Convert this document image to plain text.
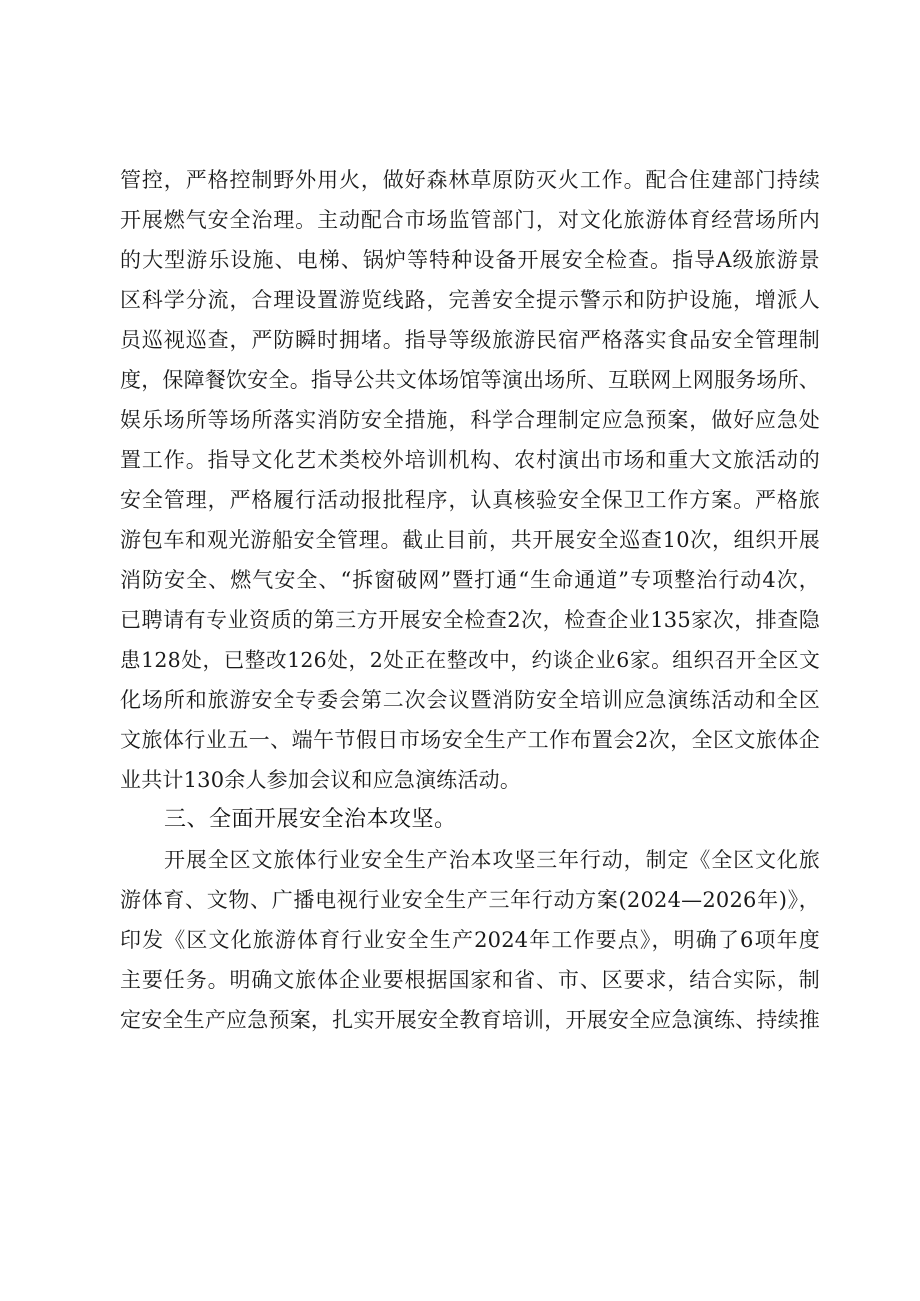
管控，严格控制野外用火，做好森林草原防灭火工作。配合住建部门持续
开展燃气安全治理。主动配合市场监管部门，对文化旅游体育经营场所内
的大型游乐设施、电梯、锅炉等特种设备开展安全检查。指导A级旅游景
区科学分流，合理设置游览线路，完善安全提示警示和防护设施，增派人
员巡视巡查，严防瞬时拥堵。指导等级旅游民宿严格落实食品安全管理制
度，保障餐饮安全。指导公共文体场馆等演出场所、互联网上网服务场所、
娱乐场所等场所落实消防安全措施，科学合理制定应急预案，做好应急处
置工作。指导文化艺术类校外培训机构、农村演出市场和重大文旅活动的
安全管理，严格履行活动报批程序，认真核验安全保卫工作方案。严格旅
游包车和观光游船安全管理。截止目前，共开展安全巡查10次，组织开展
消防安全、燃气安全、“拆窗破网”暨打通“生命通道”专项整治行动4次，
已聘请有专业资质的第三方开展安全检查2次，检查企业135家次，排查隐
患128处，已整改126处，2处正在整改中，约谈企业6家。组织召开全区文
化场所和旅游安全专委会第二次会议暨消防安全培训应急演练活动和全区
文旅体行业五一、端午节假日市场安全生产工作布置会2次，全区文旅体企
业共计130余人参加会议和应急演练活动。
三、全面开展安全治本攻坚。
开展全区文旅体行业安全生产治本攻坚三年行动，制定《全区文化旅
游体育、文物、广播电视行业安全生产三年行动方案(2024—2026年)》，
印发《区文化旅游体育行业安全生产2024年工作要点》，明确了6项年度
主要任务。明确文旅体企业要根据国家和省、市、区要求，结合实际，制
定安全生产应急预案，扎实开展安全教育培训，开展安全应急演练、持续推
